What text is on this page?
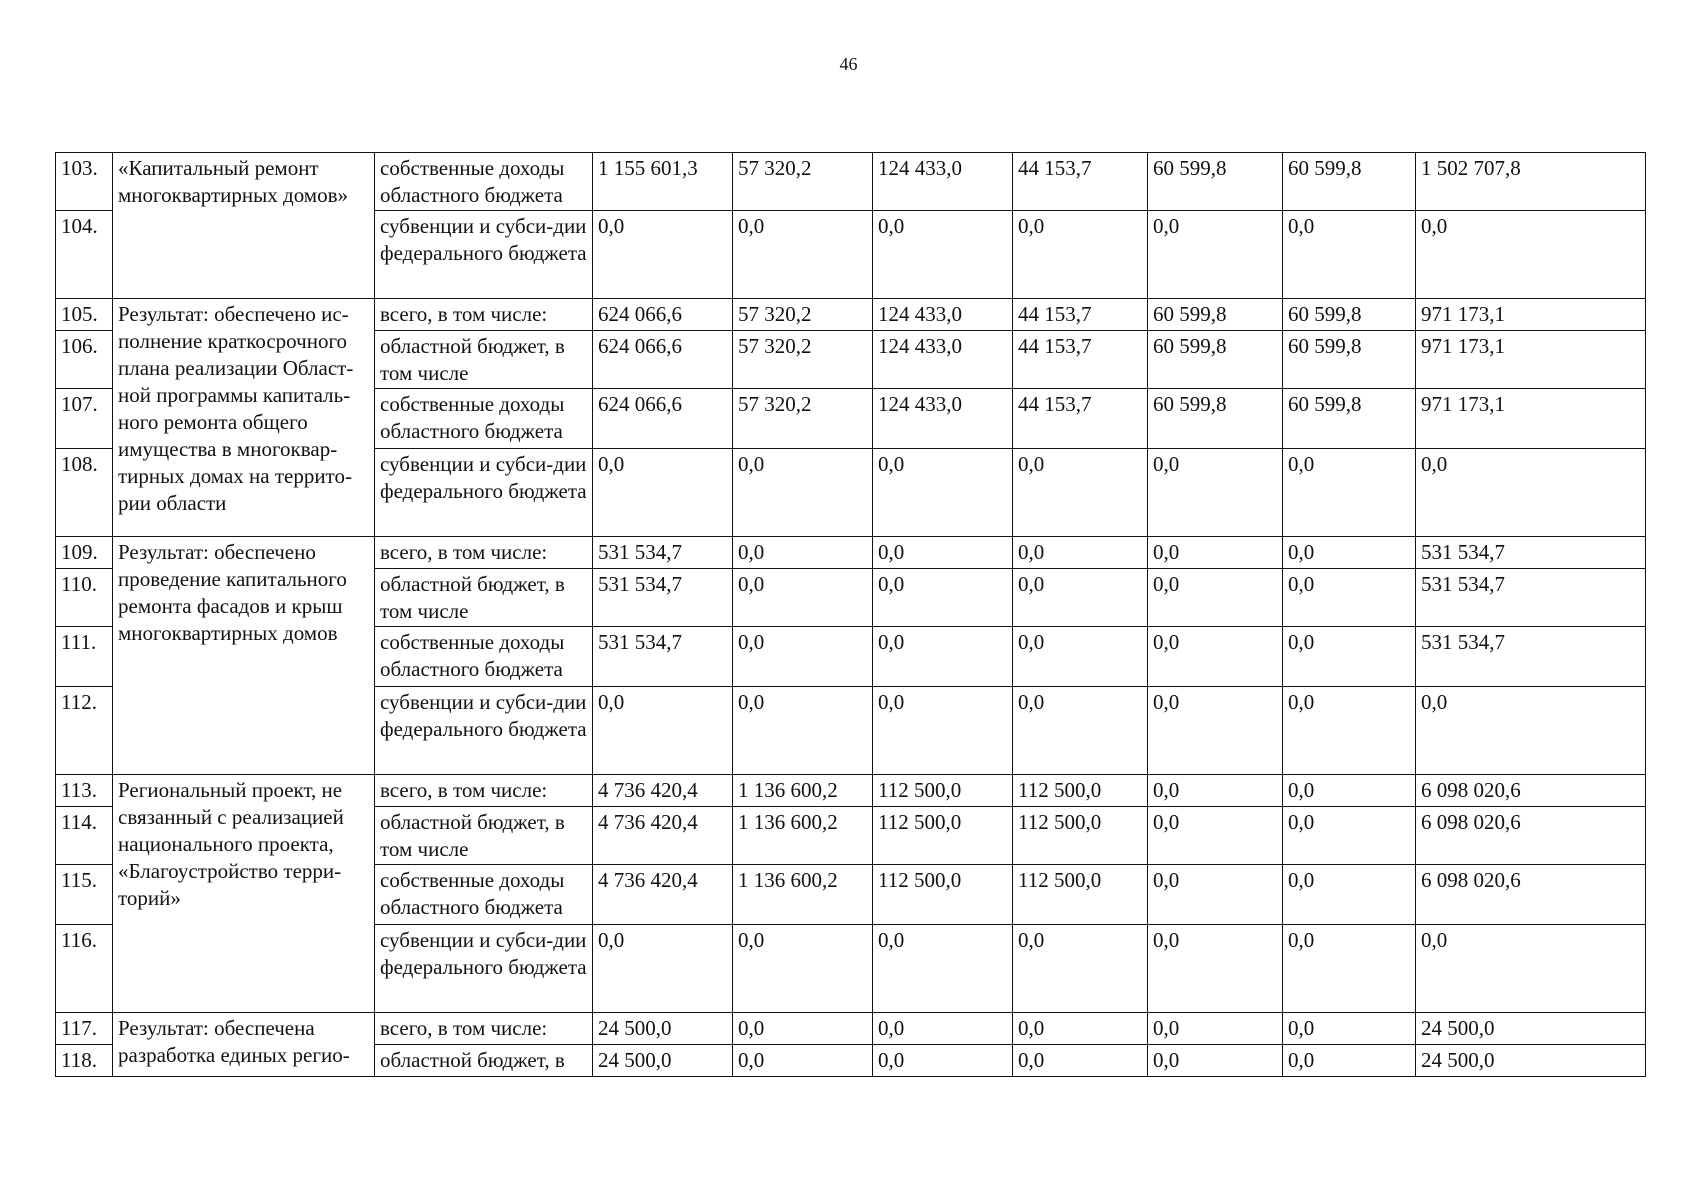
46
103.	«Капитальный ремонт многоквартирных домов»	собственные доходы областного бюджета	1 155 601,3	57 320,2	124 433,0	44 153,7	60 599,8	60 599,8	1 502 707,8
104.		субвенции и субси-дии федерального бюджета	0,0	0,0	0,0	0,0	0,0	0,0	0,0
105.	Результат: обеспечено ис-полнение краткосрочного плана реализации Област-ной программы капиталь-ного ремонта общего имущества в многоквар-тирных домах на террито-рии области	всего, в том числе:	624 066,6	57 320,2	124 433,0	44 153,7	60 599,8	60 599,8	971 173,1
106.		областной бюджет, в том числе	624 066,6	57 320,2	124 433,0	44 153,7	60 599,8	60 599,8	971 173,1
107.		собственные доходы областного бюджета	624 066,6	57 320,2	124 433,0	44 153,7	60 599,8	60 599,8	971 173,1
108.		субвенции и субси-дии федерального бюджета	0,0	0,0	0,0	0,0	0,0	0,0	0,0
109.	Результат: обеспечено проведение капитального ремонта фасадов и крыш многоквартирных домов	всего, в том числе:	531 534,7	0,0	0,0	0,0	0,0	0,0	531 534,7
110.		областной бюджет, в том числе	531 534,7	0,0	0,0	0,0	0,0	0,0	531 534,7
111.		собственные доходы областного бюджета	531 534,7	0,0	0,0	0,0	0,0	0,0	531 534,7
112.		субвенции и субси-дии федерального бюджета	0,0	0,0	0,0	0,0	0,0	0,0	0,0
113.	Региональный проект, не связанный с реализацией национального проекта, «Благоустройство терри-торий»	всего, в том числе:	4 736 420,4	1 136 600,2	112 500,0	112 500,0	0,0	0,0	6 098 020,6
114.		областной бюджет, в том числе	4 736 420,4	1 136 600,2	112 500,0	112 500,0	0,0	0,0	6 098 020,6
115.		собственные доходы областного бюджета	4 736 420,4	1 136 600,2	112 500,0	112 500,0	0,0	0,0	6 098 020,6
116.		субвенции и субси-дии федерального бюджета	0,0	0,0	0,0	0,0	0,0	0,0	0,0
117.	Результат: обеспечена разработка единых регио-	всего, в том числе:	24 500,0	0,0	0,0	0,0	0,0	0,0	24 500,0
118.		областной бюджет, в	24 500,0	0,0	0,0	0,0	0,0	0,0	24 500,0
